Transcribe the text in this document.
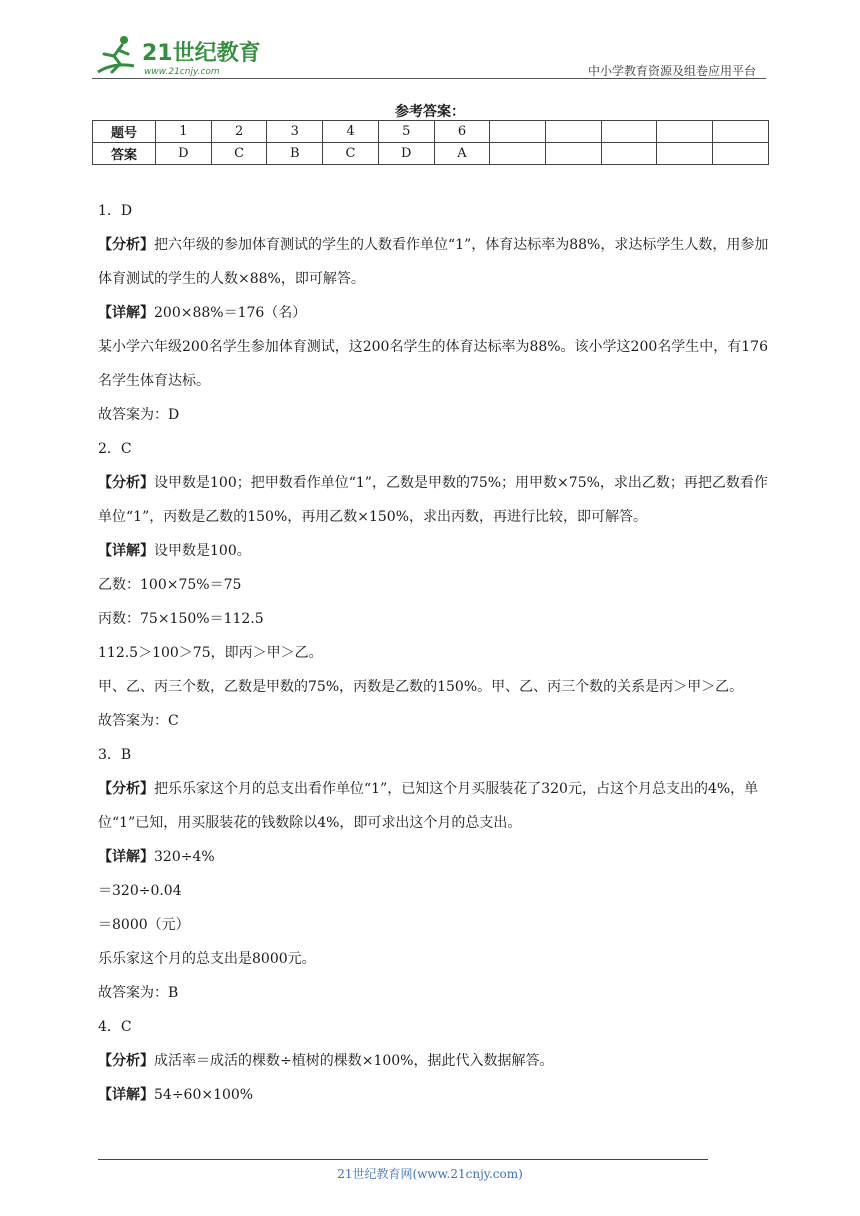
21世纪教育
www.21cnjy.com	中小学教育资源及组卷应用平台
参考答案：
题号	1	2	3	4	5	6					
答案	D	C	B	C	D	A					

1．D

【分析】把六年级的参加体育测试的学生的人数看作单位“1”，体育达标率为88%，求达标学生人数，用参加体育测试的学生的人数×88%，即可解答。

【详解】200×88%＝176（名）

某小学六年级200名学生参加体育测试，这200名学生的体育达标率为88%。该小学这200名学生中，有176名学生体育达标。

故答案为：D

2．C

【分析】设甲数是100；把甲数看作单位“1”，乙数是甲数的75%；用甲数×75%，求出乙数；再把乙数看作单位“1”，丙数是乙数的150%，再用乙数×150%，求出丙数，再进行比较，即可解答。

【详解】设甲数是100。

乙数：100×75%＝75

丙数：75×150%＝112.5

112.5＞100＞75，即丙＞甲＞乙。

甲、乙、丙三个数，乙数是甲数的75%，丙数是乙数的150%。甲、乙、丙三个数的关系是丙＞甲＞乙。

故答案为：C

3．B

【分析】把乐乐家这个月的总支出看作单位“1”，已知这个月买服装花了320元，占这个月总支出的4%，单位“1”已知，用买服装花的钱数除以4%，即可求出这个月的总支出。

【详解】320÷4%

＝320÷0.04

＝8000（元）

乐乐家这个月的总支出是8000元。

故答案为：B

4．C

【分析】成活率＝成活的棵数÷植树的棵数×100%，据此代入数据解答。

【详解】54÷60×100%

21世纪教育网(www.21cnjy.com)
